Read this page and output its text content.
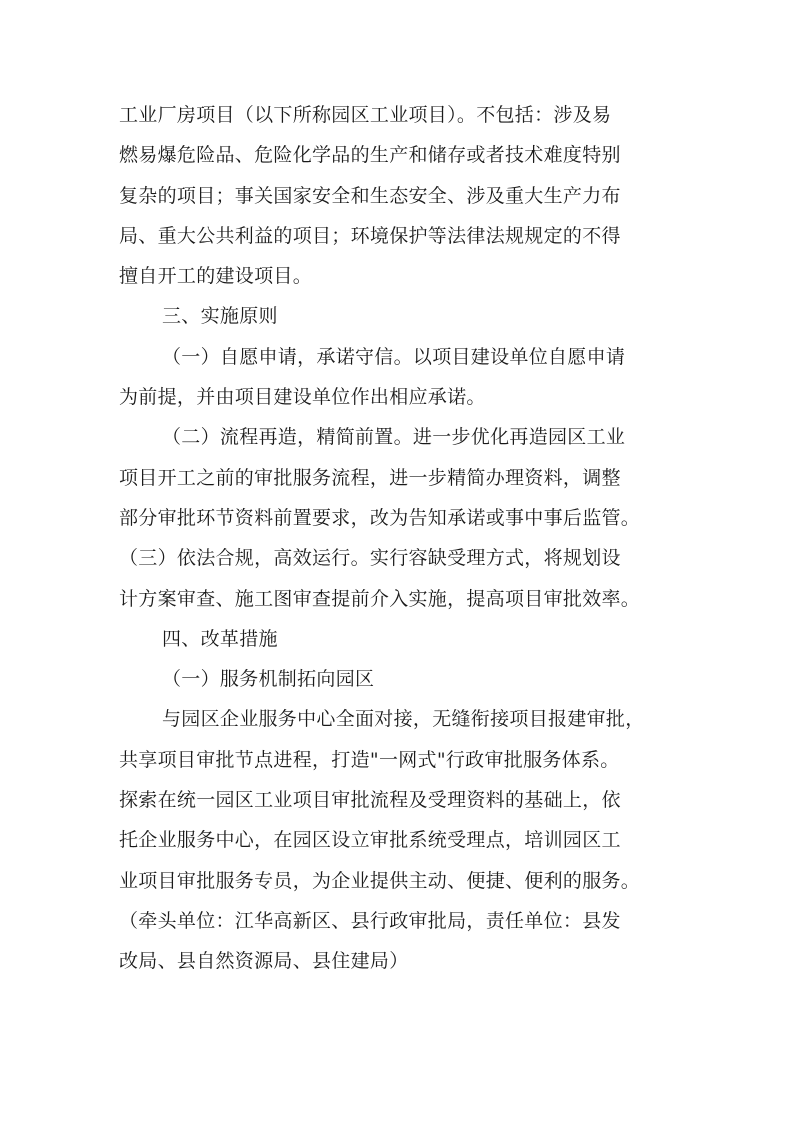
工业厂房项目（以下所称园区工业项目）。不包括：涉及易
燃易爆危险品、危险化学品的生产和储存或者技术难度特别
复杂的项目；事关国家安全和生态安全、涉及重大生产力布
局、重大公共利益的项目；环境保护等法律法规规定的不得
擅自开工的建设项目。
三、实施原则
（一）自愿申请，承诺守信。以项目建设单位自愿申请
为前提，并由项目建设单位作出相应承诺。
（二）流程再造，精简前置。进一步优化再造园区工业
项目开工之前的审批服务流程，进一步精简办理资料，调整
部分审批环节资料前置要求，改为告知承诺或事中事后监管。
（三）依法合规，高效运行。实行容缺受理方式，将规划设
计方案审查、施工图审查提前介入实施，提高项目审批效率。
四、改革措施
（一）服务机制拓向园区
与园区企业服务中心全面对接，无缝衔接项目报建审批，
共享项目审批节点进程，打造"一网式"行政审批服务体系。
探索在统一园区工业项目审批流程及受理资料的基础上，依
托企业服务中心，在园区设立审批系统受理点，培训园区工
业项目审批服务专员，为企业提供主动、便捷、便利的服务。
（牵头单位：江华高新区、县行政审批局，责任单位：县发
改局、县自然资源局、县住建局）
